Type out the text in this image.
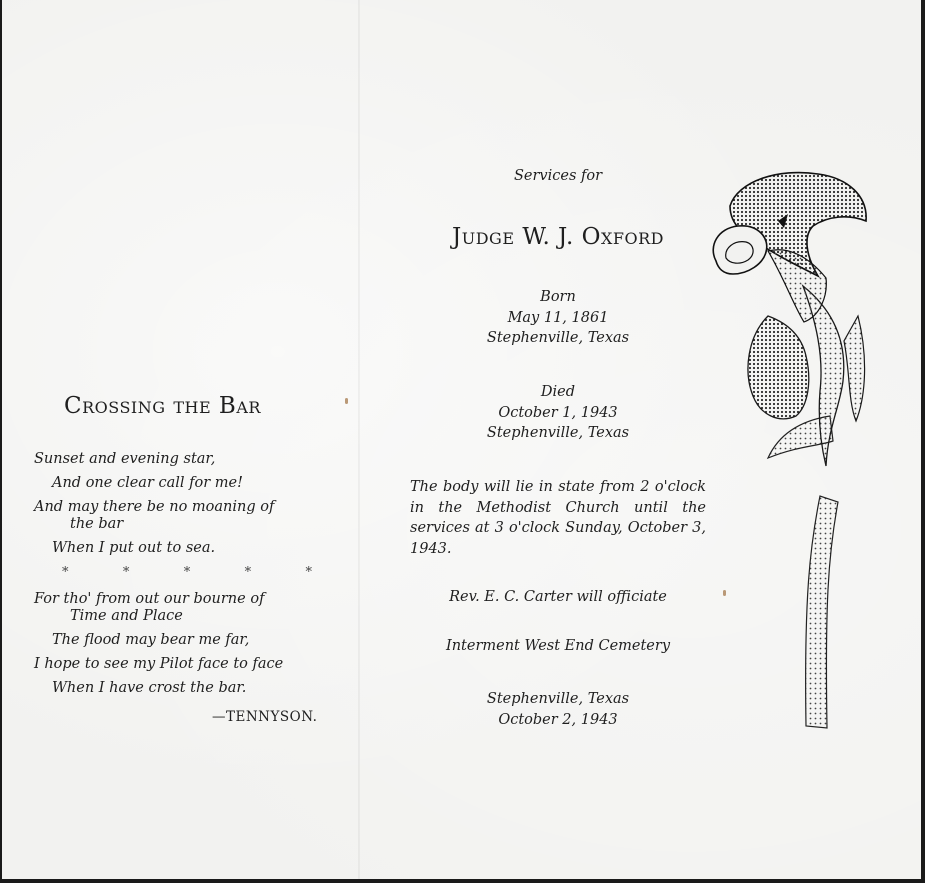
Crossing the Bar
Sunset and evening star,
And one clear call for me!
And may there be no moaning of
the bar
When I put out to sea.
*	*	*	*	*
For tho' from out our bourne of
Time and Place
The flood may bear me far,
I hope to see my Pilot face to face
When I have crost the bar.
—TENNYSON.
Services for
Judge W. J. Oxford
Born
May 11, 1861
Stephenville, Texas
Died
October 1, 1943
Stephenville, Texas
The body will lie in state from 2 o'clock in the Methodist Church until the services at 3 o'clock Sunday, October 3, 1943.
Rev. E. C. Carter will officiate
Interment West End Cemetery
Stephenville, Texas
October 2, 1943
